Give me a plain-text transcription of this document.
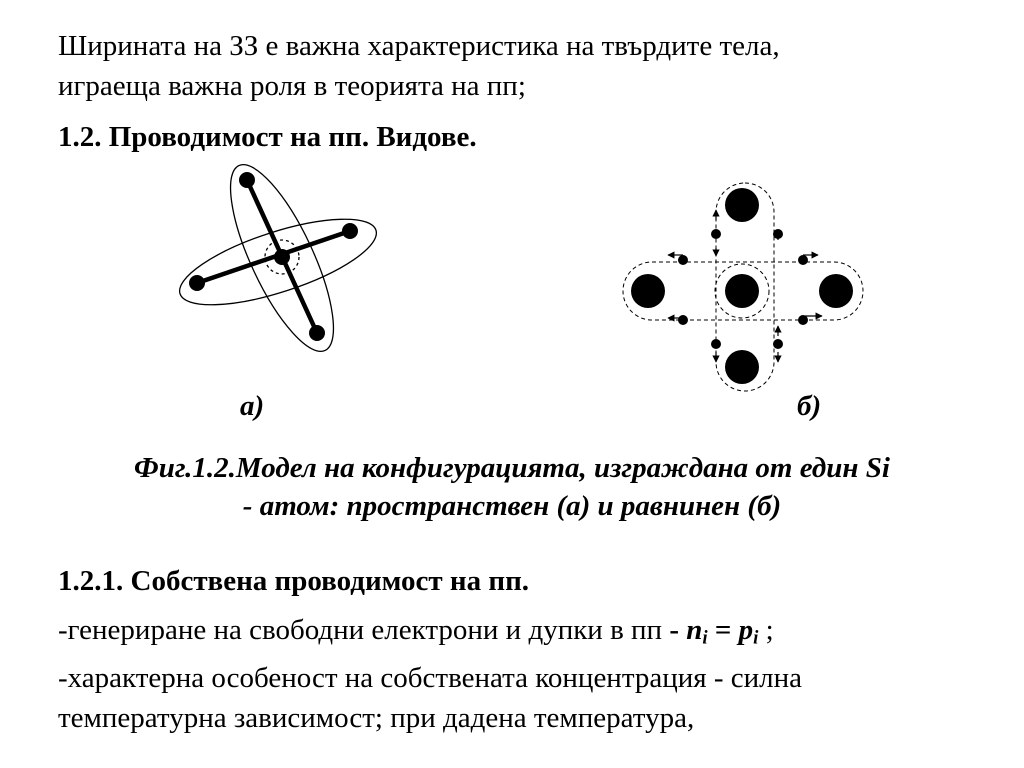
Ширината на ЗЗ е важна характеристика на твърдите тела,
играеща важна роля в теорията на пп;
1.2. Проводимост на пп. Видове.
а)	б)
Фиг.1.2.Модел на конфигурацията, изграждана от един Si
- атом: пространствен (а) и равнинен (б)
1.2.1. Собствена проводимост на пп.
-генериране на свободни електрони и дупки в пп - $n_i = p_i$ ;
-характерна особеност на собствената концентрация - силна
температурна зависимост; при дадена температура,
